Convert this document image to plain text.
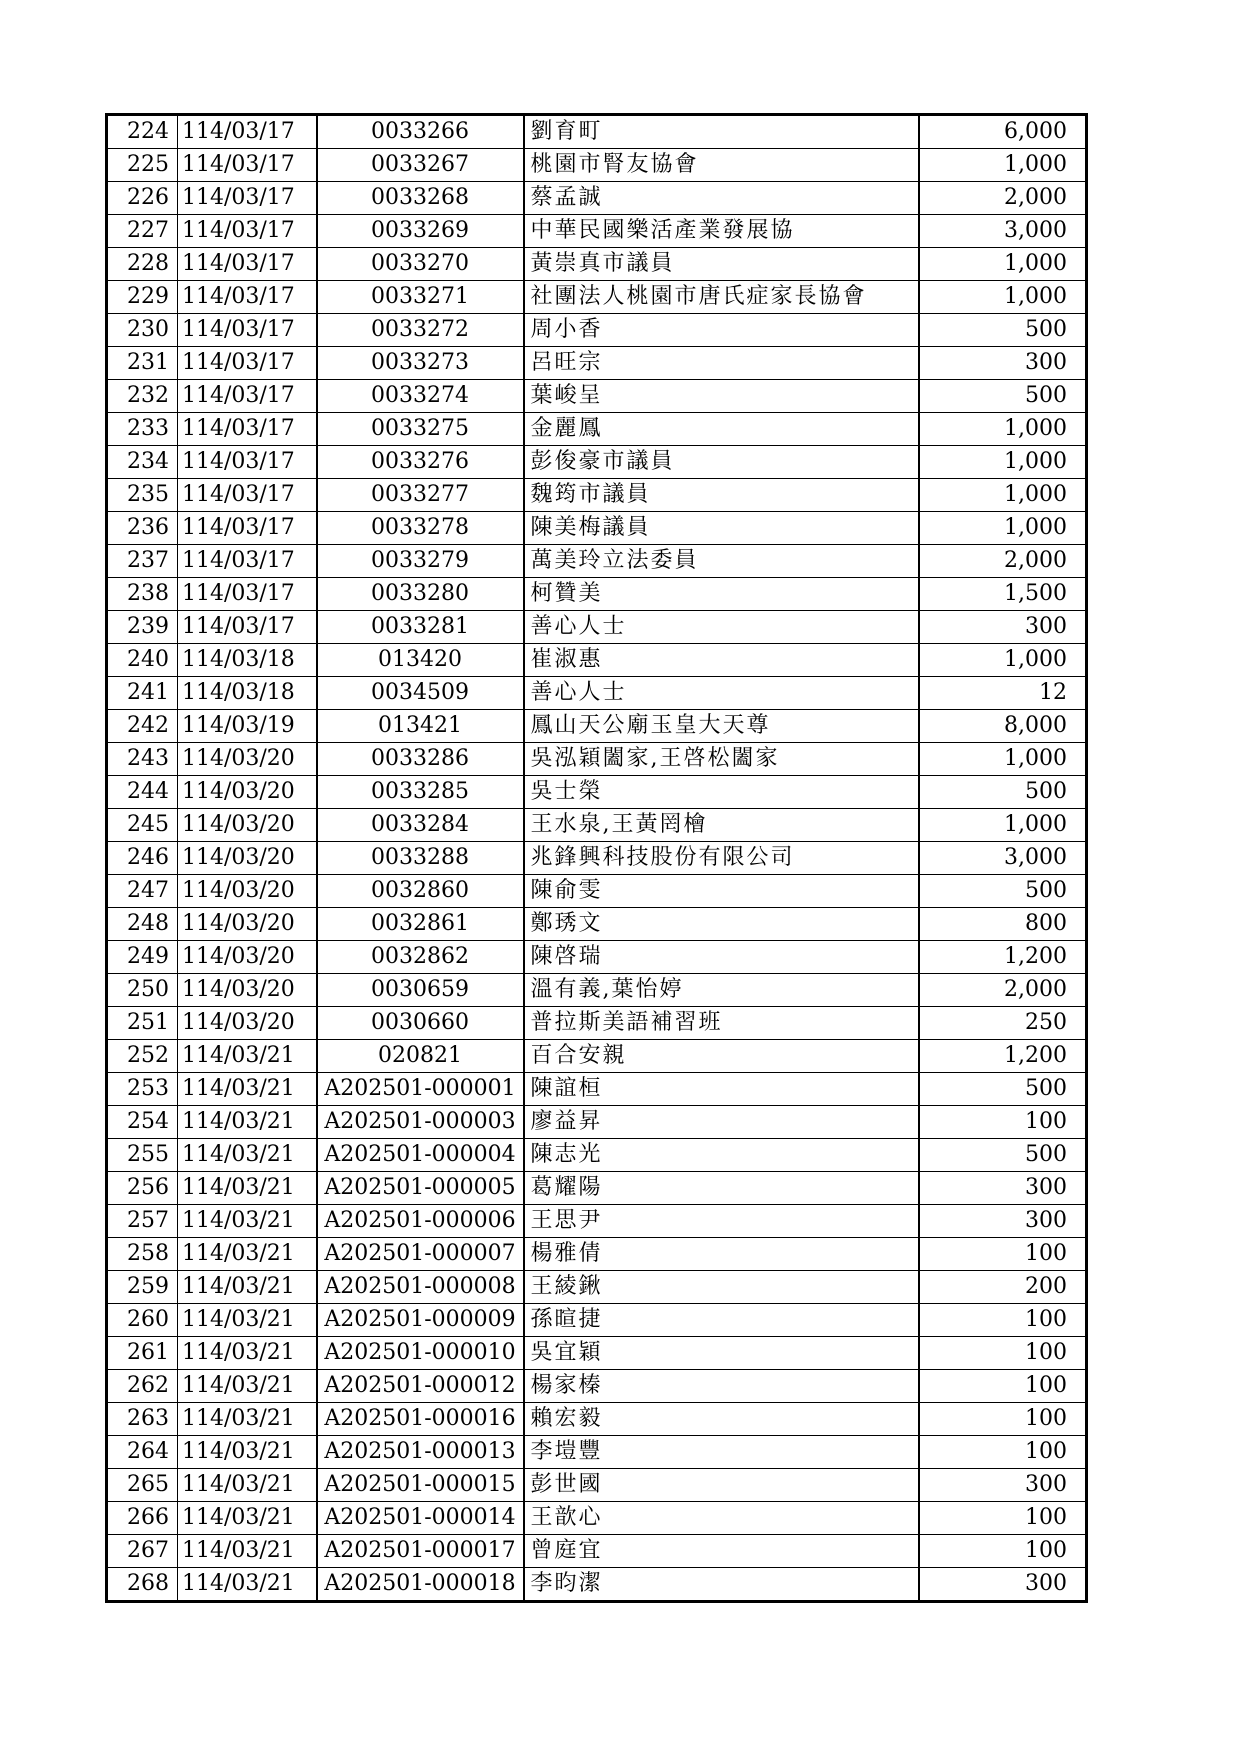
224	114/03/17	0033266	劉育町	6,000
225	114/03/17	0033267	桃園市腎友協會	1,000
226	114/03/17	0033268	蔡孟誠	2,000
227	114/03/17	0033269	中華民國樂活產業發展協	3,000
228	114/03/17	0033270	黃崇真市議員	1,000
229	114/03/17	0033271	社團法人桃園市唐氏症家長協會	1,000
230	114/03/17	0033272	周小香	500
231	114/03/17	0033273	呂旺宗	300
232	114/03/17	0033274	葉峻呈	500
233	114/03/17	0033275	金麗鳳	1,000
234	114/03/17	0033276	彭俊豪市議員	1,000
235	114/03/17	0033277	魏筠市議員	1,000
236	114/03/17	0033278	陳美梅議員	1,000
237	114/03/17	0033279	萬美玲立法委員	2,000
238	114/03/17	0033280	柯贊美	1,500
239	114/03/17	0033281	善心人士	300
240	114/03/18	013420	崔淑惠	1,000
241	114/03/18	0034509	善心人士	12
242	114/03/19	013421	鳳山天公廟玉皇大天尊	8,000
243	114/03/20	0033286	吳泓穎闔家,王啓松闔家	1,000
244	114/03/20	0033285	吳士榮	500
245	114/03/20	0033284	王水泉,王黃罔檜	1,000
246	114/03/20	0033288	兆鋒興科技股份有限公司	3,000
247	114/03/20	0032860	陳俞雯	500
248	114/03/20	0032861	鄭琇文	800
249	114/03/20	0032862	陳啓瑞	1,200
250	114/03/20	0030659	溫有義,葉怡婷	2,000
251	114/03/20	0030660	普拉斯美語補習班	250
252	114/03/21	020821	百合安親	1,200
253	114/03/21	A202501-000001	陳誼桓	500
254	114/03/21	A202501-000003	廖益昇	100
255	114/03/21	A202501-000004	陳志光	500
256	114/03/21	A202501-000005	葛耀陽	300
257	114/03/21	A202501-000006	王思尹	300
258	114/03/21	A202501-000007	楊雅倩	100
259	114/03/21	A202501-000008	王綾鍬	200
260	114/03/21	A202501-000009	孫暄捷	100
261	114/03/21	A202501-000010	吳宜穎	100
262	114/03/21	A202501-000012	楊家榛	100
263	114/03/21	A202501-000016	賴宏毅	100
264	114/03/21	A202501-000013	李塏豐	100
265	114/03/21	A202501-000015	彭世國	300
266	114/03/21	A202501-000014	王歆心	100
267	114/03/21	A202501-000017	曾庭宜	100
268	114/03/21	A202501-000018	李昀潔	300
